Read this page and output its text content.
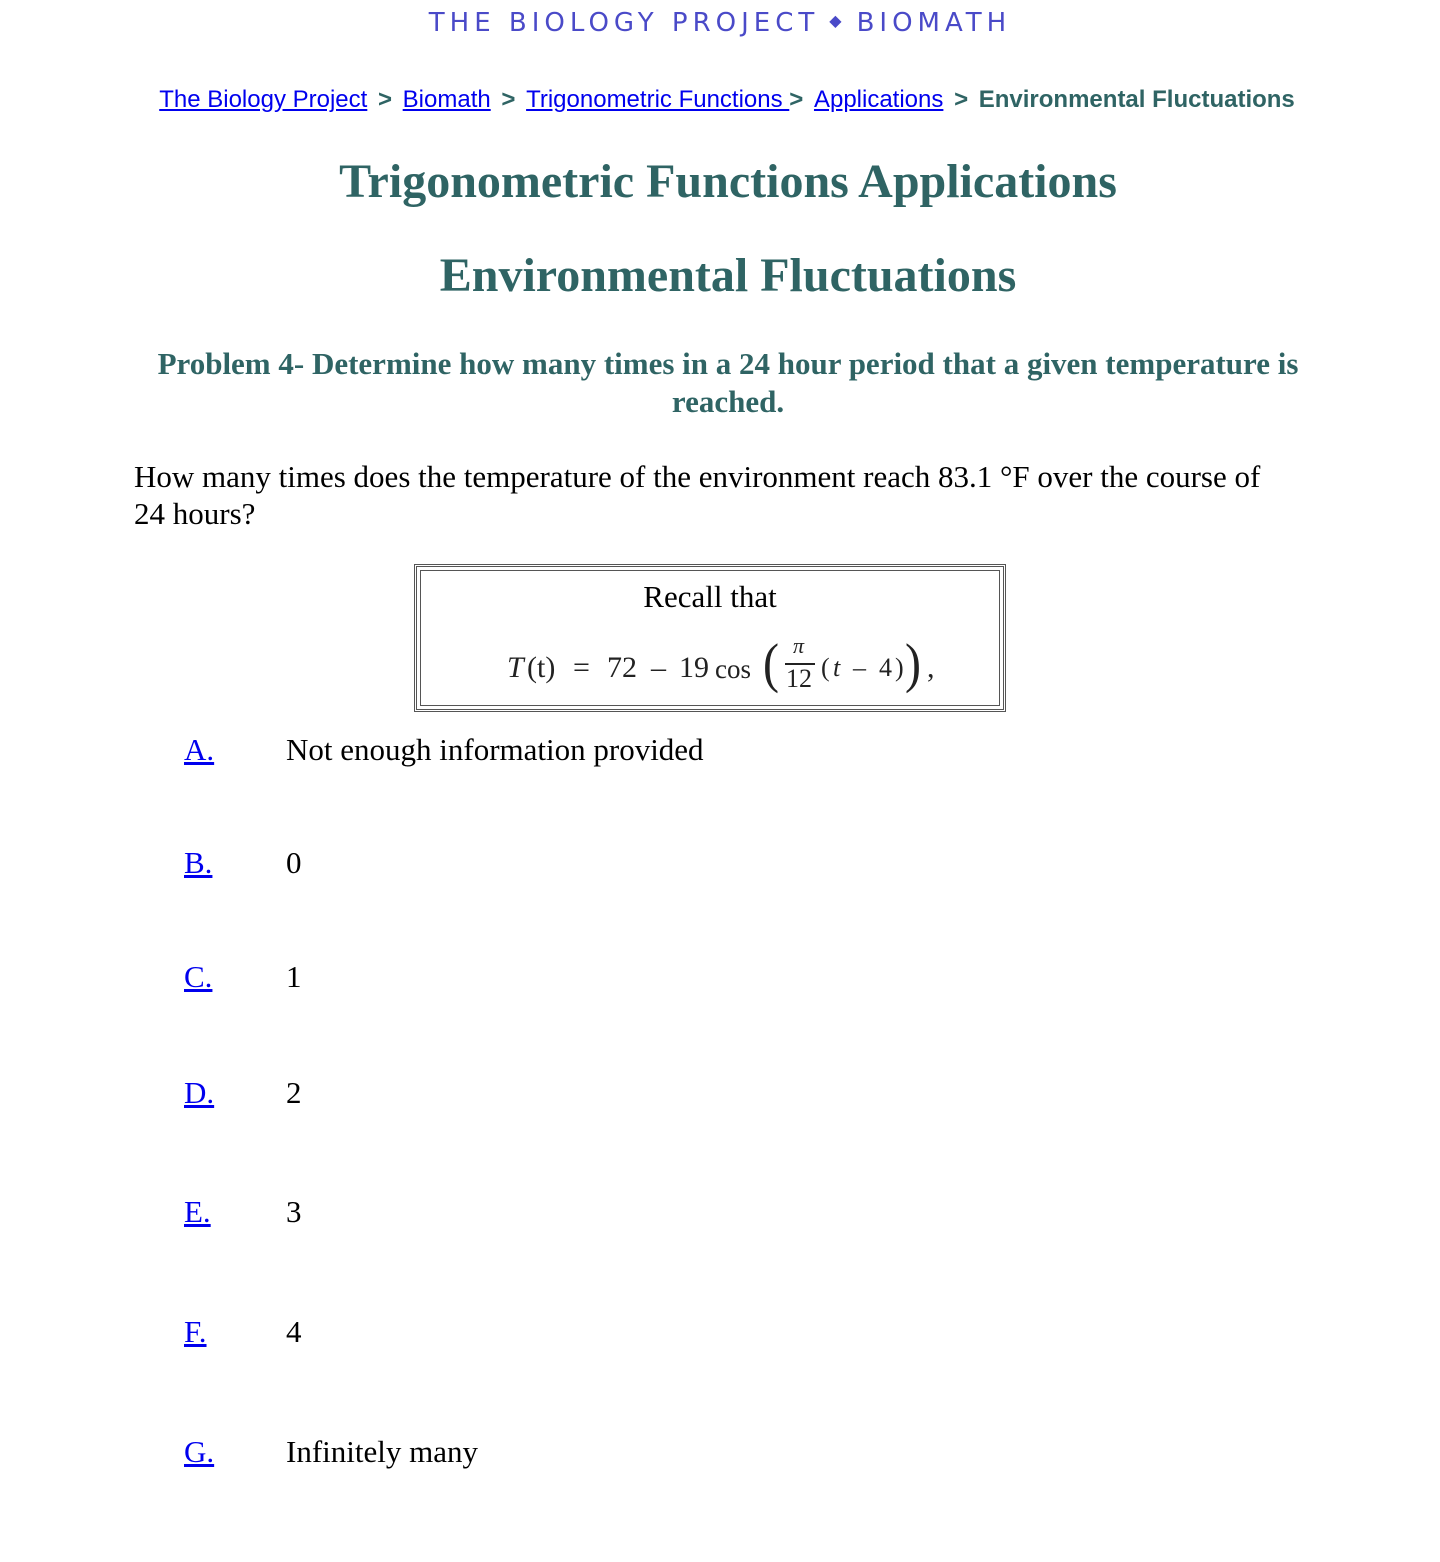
THE BIOLOGY PROJECT ◆ BIOMATH
The Biology Project > Biomath > Trigonometric Functions > Applications > Environmental Fluctuations
Trigonometric Functions Applications
Environmental Fluctuations
Problem 4- Determine how many times in a 24 hour period that a given temperature is reached.

How many times does the temperature of the environment reach 83.1 °F over the course of 24 hours?

Recall that
T (t) = 72 – 19 cos ( π
12 ( t – 4 ) ) ,
A. Not enough information provided
B. 0
C. 1
D. 2
E. 3
F.	4
G. Infinitely many
